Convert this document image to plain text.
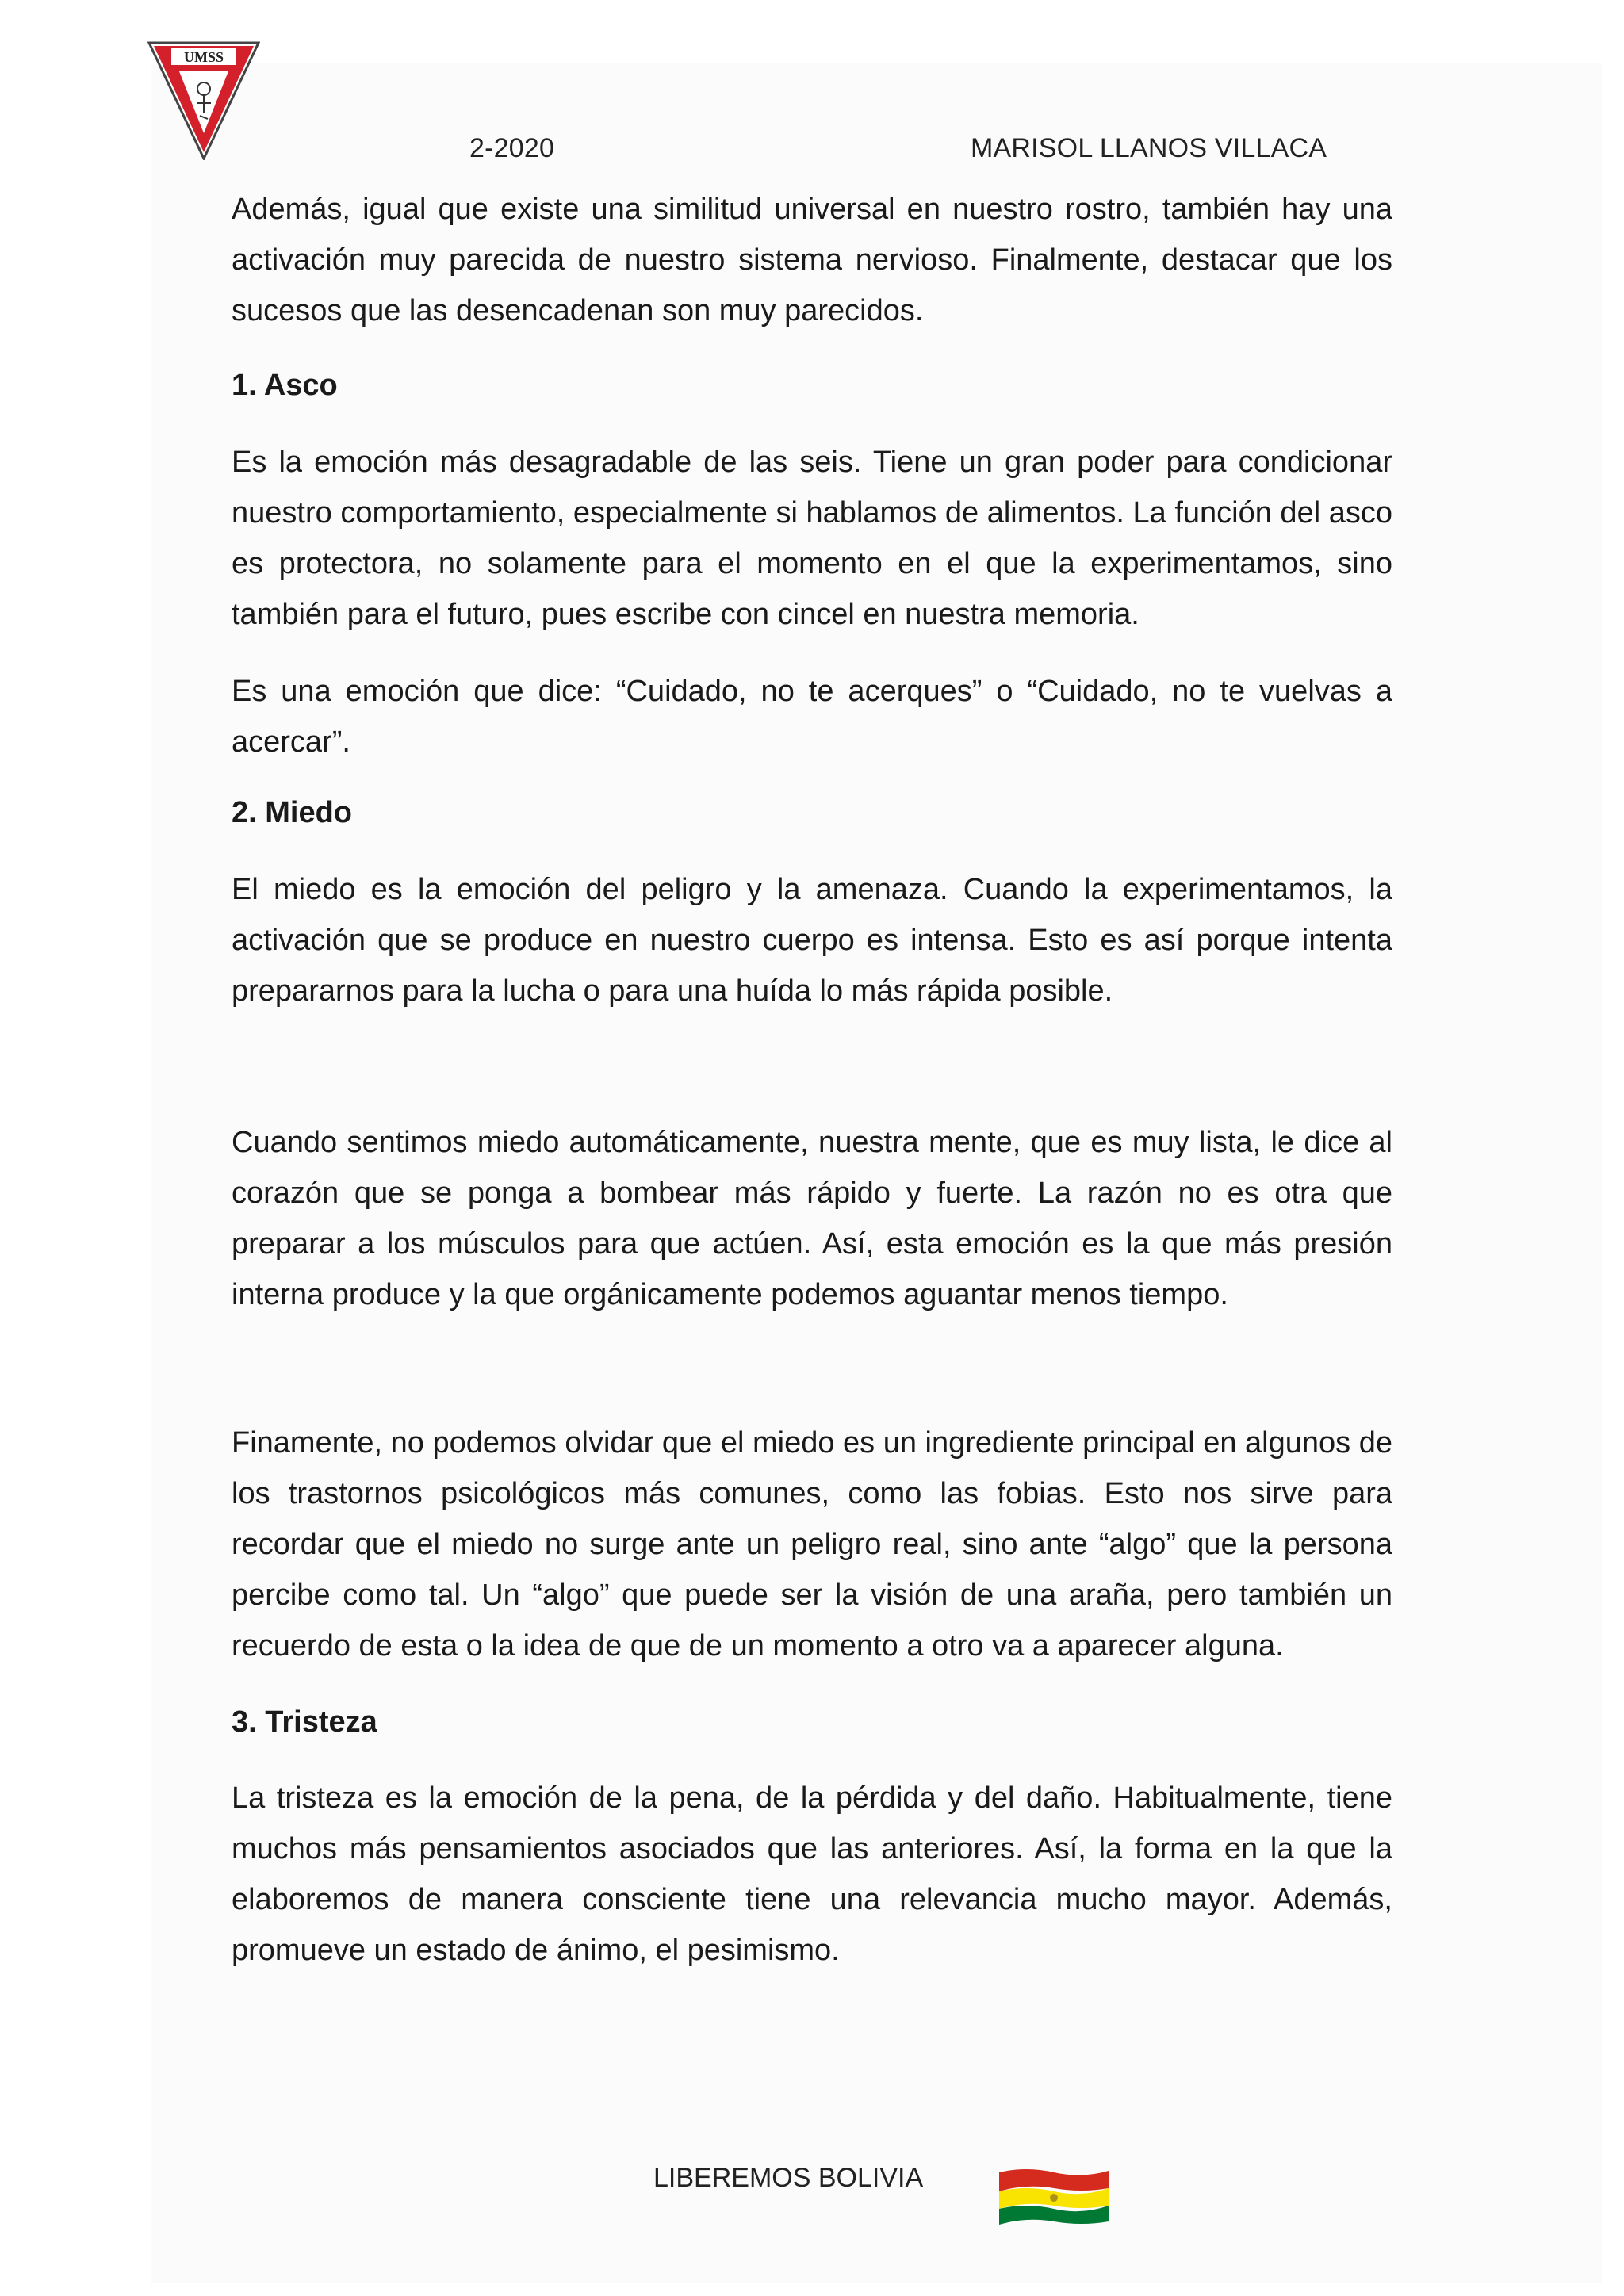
UMSS
2-2020	MARISOL LLANOS VILLACA
Además, igual que existe una similitud universal en nuestro rostro, también hay una activación muy parecida de nuestro sistema nervioso. Finalmente, destacar que los sucesos que las desencadenan son muy parecidos.
1. Asco
Es la emoción más desagradable de las seis. Tiene un gran poder para condicionar nuestro comportamiento, especialmente si hablamos de alimentos. La función del asco es protectora, no solamente para el momento en el que la experimentamos, sino también para el futuro, pues escribe con cincel en nuestra memoria.
Es una emoción que dice: “Cuidado, no te acerques” o “Cuidado, no te vuelvas a acercar”.
2. Miedo
El miedo es la emoción del peligro y la amenaza. Cuando la experimentamos, la activación que se produce en nuestro cuerpo es intensa. Esto es así porque intenta prepararnos para la lucha o para una huída lo más rápida posible.
Cuando sentimos miedo automáticamente, nuestra mente, que es muy lista, le dice al corazón que se ponga a bombear más rápido y fuerte. La razón no es otra que preparar a los músculos para que actúen. Así, esta emoción es la que más presión interna produce y la que orgánicamente podemos aguantar menos tiempo.
Finamente, no podemos olvidar que el miedo es un ingrediente principal en algunos de los trastornos psicológicos más comunes, como las fobias. Esto nos sirve para recordar que el miedo no surge ante un peligro real, sino ante “algo” que la persona percibe como tal. Un “algo” que puede ser la visión de una araña, pero también un recuerdo de esta o la idea de que de un momento a otro va a aparecer alguna.
3. Tristeza
La tristeza es la emoción de la pena, de la pérdida y del daño. Habitualmente, tiene muchos más pensamientos asociados que las anteriores. Así, la forma en la que la elaboremos de manera consciente tiene una relevancia mucho mayor. Además, promueve un estado de ánimo, el pesimismo.
LIBEREMOS BOLIVIA
